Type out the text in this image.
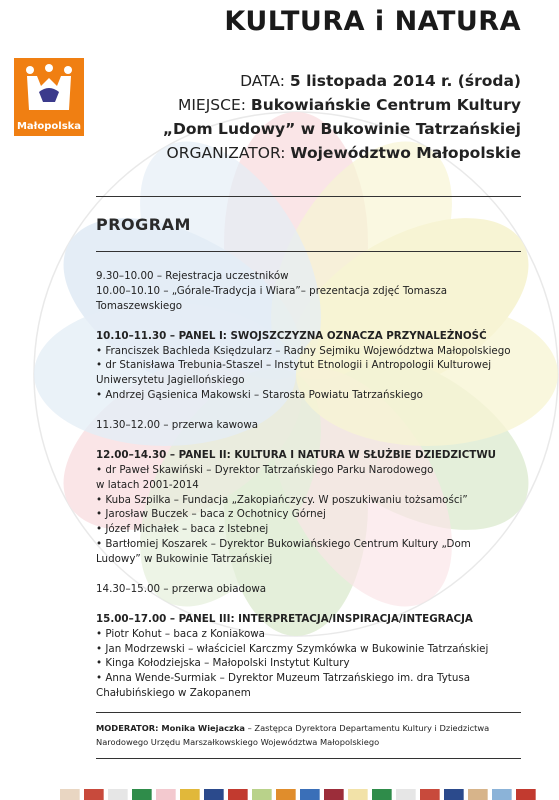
KULTURA i NATURA
Małopolska
DATA: 5 listopada 2014 r. (środa)
MIEJSCE: Bukowiańskie Centrum Kultury
„Dom Ludowy” w Bukowinie Tatrzańskiej
ORGANIZATOR: Województwo Małopolskie
PROGRAM
9.30–10.00 – Rejestracja uczestników
10.00–10.10 – „Górale-Tradycja i Wiara”– prezentacja zdjęć Tomasza
Tomaszewskiego
10.10–11.30 – PANEL I: SWOJSZCZYZNA OZNACZA PRZYNALEŻNOŚĆ
• Franciszek Bachleda Księdzularz – Radny Sejmiku Województwa Małopolskiego
• dr Stanisława Trebunia-Staszel – Instytut Etnologii i Antropologii Kulturowej
Uniwersytetu Jagiellońskiego
• Andrzej Gąsienica Makowski – Starosta Powiatu Tatrzańskiego
11.30–12.00 – przerwa kawowa
12.00–14.30 – PANEL II: KULTURA I NATURA W SŁUŻBIE DZIEDZICTWU
• dr Paweł Skawiński – Dyrektor Tatrzańskiego Parku Narodowego
w latach 2001-2014
• Kuba Szpilka – Fundacja „Zakopiańczycy. W poszukiwaniu tożsamości”
• Jarosław Buczek – baca z Ochotnicy Górnej
• Józef Michałek – baca z Istebnej
• Bartłomiej Koszarek – Dyrektor Bukowiańskiego Centrum Kultury „Dom
Ludowy” w Bukowinie Tatrzańskiej
14.30–15.00 – przerwa obiadowa
15.00–17.00 – PANEL III: INTERPRETACJA/INSPIRACJA/INTEGRACJA
• Piotr Kohut – baca z Koniakowa
• Jan Modrzewski – właściciel Karczmy Szymkówka w Bukowinie Tatrzańskiej
• Kinga Kołodziejska – Małopolski Instytut Kultury
• Anna Wende-Surmiak – Dyrektor Muzeum Tatrzańskiego im. dra Tytusa
Chałubińskiego w Zakopanem
MODERATOR: Monika Wiejaczka – Zastępca Dyrektora Departamentu Kultury i Dziedzictwa
Narodowego Urzędu Marszałkowskiego Województwa Małopolskiego
